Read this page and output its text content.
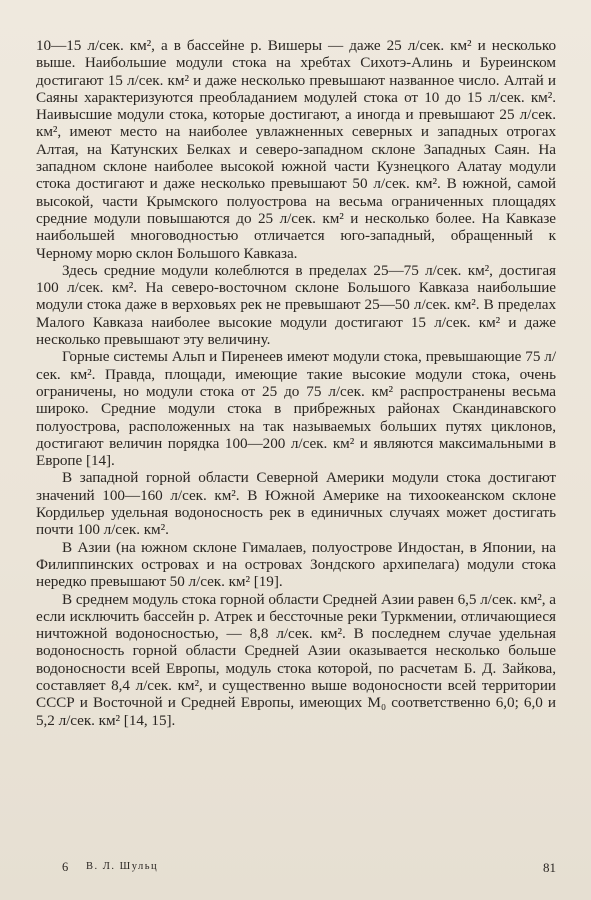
10—15 л/сек. км², а в бассейне р. Вишеры — даже 25 л/сек. км² и несколько выше. Наибольшие модули стока на хребтах Сихотэ-Алинь и Буреинском достигают 15 л/сек. км² и даже несколько превышают названное число. Алтай и Саяны характеризуются преобладанием модулей стока от 10 до 15 л/сек. км². Наивысшие модули стока, которые достигают, а иногда и превышают 25 л/сек. км², имеют место на наиболее увлажненных северных и западных отрогах Алтая, на Катунских Белках и северо-западном склоне Западных Саян. На западном склоне наиболее высокой южной части Кузнецкого Алатау модули стока достигают и даже несколько превышают 50 л/сек. км². В южной, самой высокой, части Крымского полуострова на весьма ограниченных площадях средние модули повышаются до 25 л/сек. км² и несколько более. На Кавказе наибольшей многоводностью отличается юго-западный, обращенный к Черному морю склон Большого Кавказа.

Здесь средние модули колеблются в пределах 25—75 л/сек. км², достигая 100 л/сек. км². На северо-восточном склоне Большого Кавказа наибольшие модули стока даже в верховьях рек не превышают 25—50 л/сек. км². В пределах Малого Кавказа наиболее высокие модули достигают 15 л/сек. км² и даже несколько превышают эту величину.

Горные системы Альп и Пиренеев имеют модули стока, превышающие 75 л/сек. км². Правда, площади, имеющие такие высокие модули стока, очень ограничены, но модули стока от 25 до 75 л/сек. км² распространены весьма широко. Средние модули стока в прибрежных районах Скандинавского полуострова, расположенных на так называемых больших путях циклонов, достигают величин порядка 100—200 л/сек. км² и являются максимальными в Европе [14].

В западной горной области Северной Америки модули стока достигают значений 100—160 л/сек. км². В Южной Америке на тихоокеанском склоне Кордильер удельная водоносность рек в единичных случаях может достигать почти 100 л/сек. км².

В Азии (на южном склоне Гималаев, полуострове Индостан, в Японии, на Филиппинских островах и на островах Зондского архипелага) модули стока нередко превышают 50 л/сек. км² [19].

В среднем модуль стока горной области Средней Азии равен 6,5 л/сек. км², а если исключить бассейн р. Атрек и бессточные реки Туркмении, отличающиеся ничтожной водоносностью, — 8,8 л/сек. км². В последнем случае удельная водоносность горной области Средней Азии оказывается несколько больше водоносности всей Европы, модуль стока которой, по расчетам Б. Д. Зайкова, составляет 8,4 л/сек. км², и существенно выше водоносности всей территории СССР и Восточной и Средней Европы, имеющих M₀ соответственно 6,0; 6,0 и 5,2 л/сек. км² [14, 15].

6 В. Л. Шульц	81
